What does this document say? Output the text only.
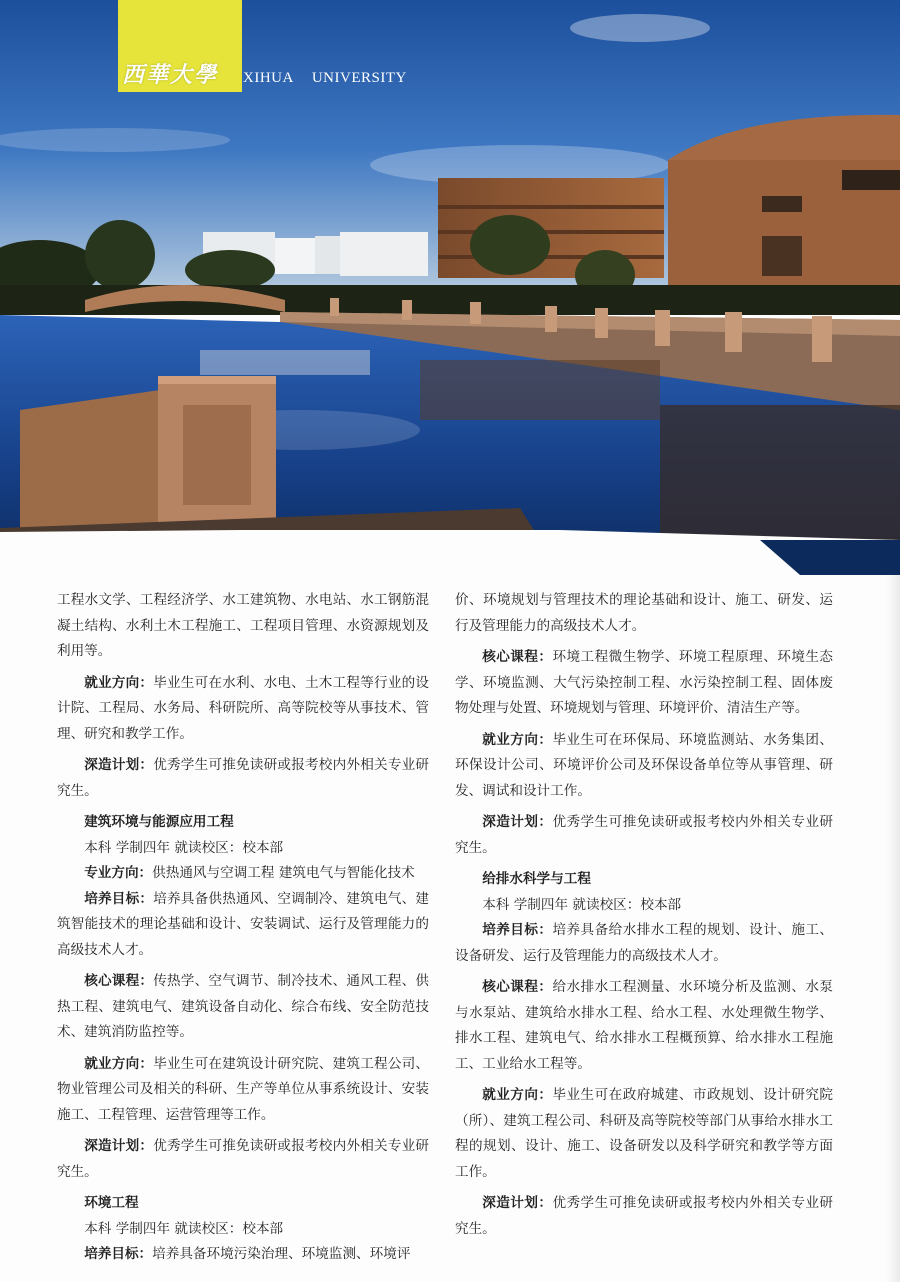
西華大學 XIHUA UNIVERSITY

工程水文学、工程经济学、水工建筑物、水电站、水工钢筋混凝土结构、水利土木工程施工、工程项目管理、水资源规划及利用等。

就业方向：毕业生可在水利、水电、土木工程等行业的设计院、工程局、水务局、科研院所、高等院校等从事技术、管理、研究和教学工作。

深造计划：优秀学生可推免读研或报考校内外相关专业研究生。

建筑环境与能源应用工程

本科 学制四年 就读校区：校本部

专业方向：供热通风与空调工程 建筑电气与智能化技术

培养目标：培养具备供热通风、空调制冷、建筑电气、建筑智能技术的理论基础和设计、安装调试、运行及管理能力的高级技术人才。

核心课程：传热学、空气调节、制冷技术、通风工程、供热工程、建筑电气、建筑设备自动化、综合布线、安全防范技术、建筑消防监控等。

就业方向：毕业生可在建筑设计研究院、建筑工程公司、物业管理公司及相关的科研、生产等单位从事系统设计、安装施工、工程管理、运营管理等工作。

深造计划：优秀学生可推免读研或报考校内外相关专业研究生。

环境工程

本科 学制四年 就读校区：校本部

培养目标：培养具备环境污染治理、环境监测、环境评

价、环境规划与管理技术的理论基础和设计、施工、研发、运行及管理能力的高级技术人才。

核心课程：环境工程微生物学、环境工程原理、环境生态学、环境监测、大气污染控制工程、水污染控制工程、固体废物处理与处置、环境规划与管理、环境评价、清洁生产等。

就业方向：毕业生可在环保局、环境监测站、水务集团、环保设计公司、环境评价公司及环保设备单位等从事管理、研发、调试和设计工作。

深造计划：优秀学生可推免读研或报考校内外相关专业研究生。

给排水科学与工程

本科 学制四年 就读校区：校本部

培养目标：培养具备给水排水工程的规划、设计、施工、设备研发、运行及管理能力的高级技术人才。

核心课程：给水排水工程测量、水环境分析及监测、水泵与水泵站、建筑给水排水工程、给水工程、水处理微生物学、排水工程、建筑电气、给水排水工程概预算、给水排水工程施工、工业给水工程等。

就业方向：毕业生可在政府城建、市政规划、设计研究院（所）、建筑工程公司、科研及高等院校等部门从事给水排水工程的规划、设计、施工、设备研发以及科学研究和教学等方面工作。

深造计划：优秀学生可推免读研或报考校内外相关专业研究生。
